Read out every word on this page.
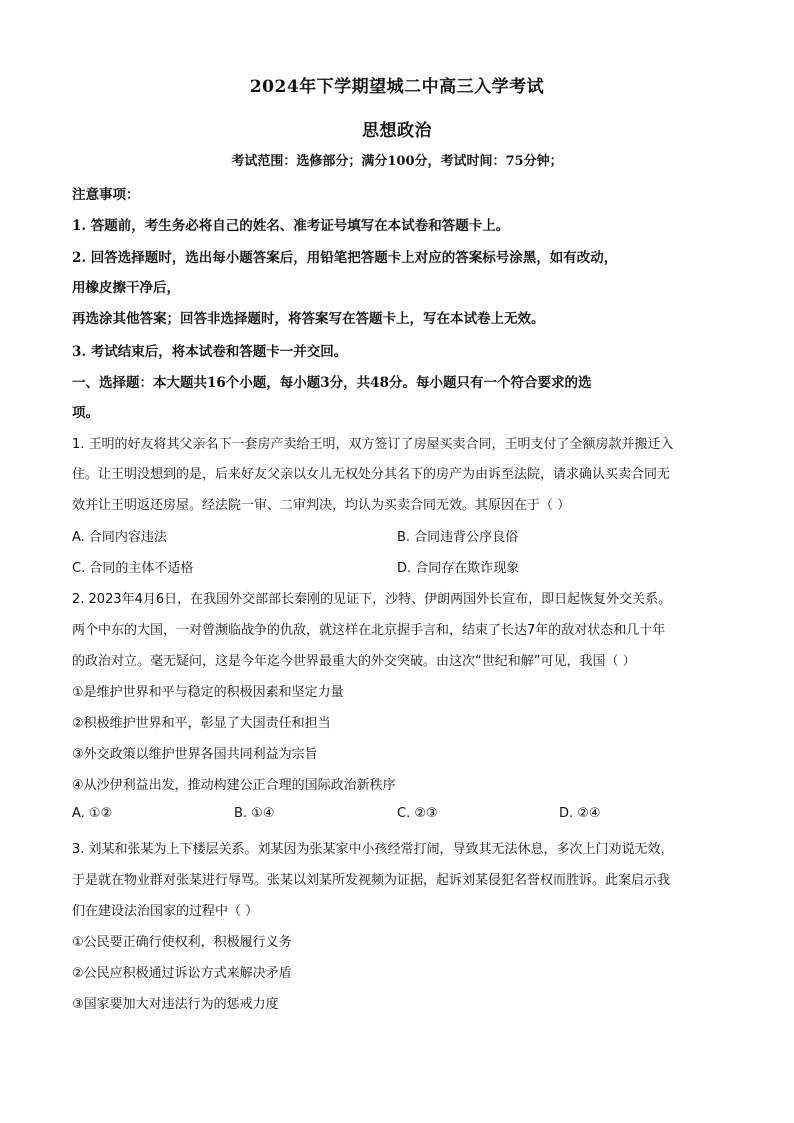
2024年下学期望城二中高三入学考试
思想政治
考试范围：选修部分；满分100分，考试时间：75分钟；
注意事项：
1. 答题前，考生务必将自己的姓名、准考证号填写在本试卷和答题卡上。
2. 回答选择题时，选出每小题答案后，用铅笔把答题卡上对应的答案标号涂黑，如有改动，
用橡皮擦干净后，
再选涂其他答案；回答非选择题时，将答案写在答题卡上，写在本试卷上无效。
3. 考试结束后，将本试卷和答题卡一并交回。
一、选择题：本大题共16个小题，每小题3分，共48分。每小题只有一个符合要求的选
项。
1. 王明的好友将其父亲名下一套房产卖给王明，双方签订了房屋买卖合同，王明支付了全额房款并搬迁入
住。让王明没想到的是，后来好友父亲以女儿无权处分其名下的房产为由诉至法院，请求确认买卖合同无
效并让王明返还房屋。经法院一审、二审判决，均认为买卖合同无效。其原因在于（ ）
A. 合同内容违法	B. 合同违背公序良俗
C. 合同的主体不适格	D. 合同存在欺诈现象
2. 2023年4月6日，在我国外交部部长秦刚的见证下，沙特、伊朗两国外长宣布，即日起恢复外交关系。
两个中东的大国，一对曾濒临战争的仇敌，就这样在北京握手言和，结束了长达7年的敌对状态和几十年
的政治对立。毫无疑问，这是今年迄今世界最重大的外交突破。由这次“世纪和解”可见，我国（ ）
①是维护世界和平与稳定的积极因素和坚定力量
②积极维护世界和平，彰显了大国责任和担当
③外交政策以维护世界各国共同利益为宗旨
④从沙伊利益出发，推动构建公正合理的国际政治新秩序
A. ①②	B. ①④	C. ②③	D. ②④
3. 刘某和张某为上下楼层关系。刘某因为张某家中小孩经常打闹，导致其无法休息，多次上门劝说无效，
于是就在物业群对张某进行辱骂。张某以刘某所发视频为证据，起诉刘某侵犯名誉权而胜诉。此案启示我
们在建设法治国家的过程中（ ）
①公民要正确行使权利，积极履行义务
②公民应积极通过诉讼方式来解决矛盾
③国家要加大对违法行为的惩戒力度
